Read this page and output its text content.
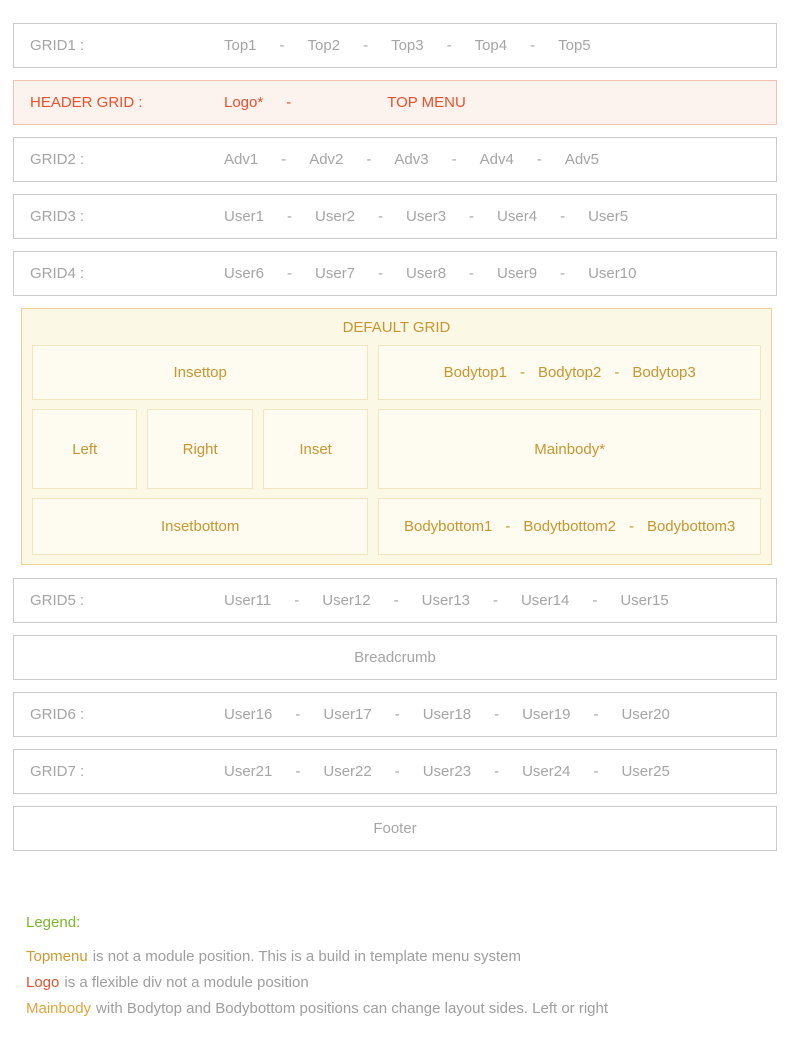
GRID1 :	Top1 - Top2 - Top3 - Top4 - Top5
HEADER GRID :	Logo* -	TOP MENU
GRID2 :	Adv1 - Adv2 - Adv3 - Adv4 - Adv5
GRID3 :	User1 - User2 - User3 - User4 - User5
GRID4 :	User6 - User7 - User8 - User9 - User10
DEFAULT GRID
Insettop	Bodytop1 - Bodytop2 - Bodytop3
Left	Right	Inset	Mainbody*
Insetbottom	Bodybottom1 - Bodytbottom2 - Bodybottom3
GRID5 :	User11 - User12 - User13 - User14 - User15
Breadcrumb
GRID6 :	User16 - User17 - User18 - User19 - User20
GRID7 :	User21 - User22 - User23 - User24 - User25
Footer
Legend:
Topmenu is not a module position. This is a build in template menu system
Logo is a flexible div not a module position
Mainbody with Bodytop and Bodybottom positions can change layout sides. Left or right
